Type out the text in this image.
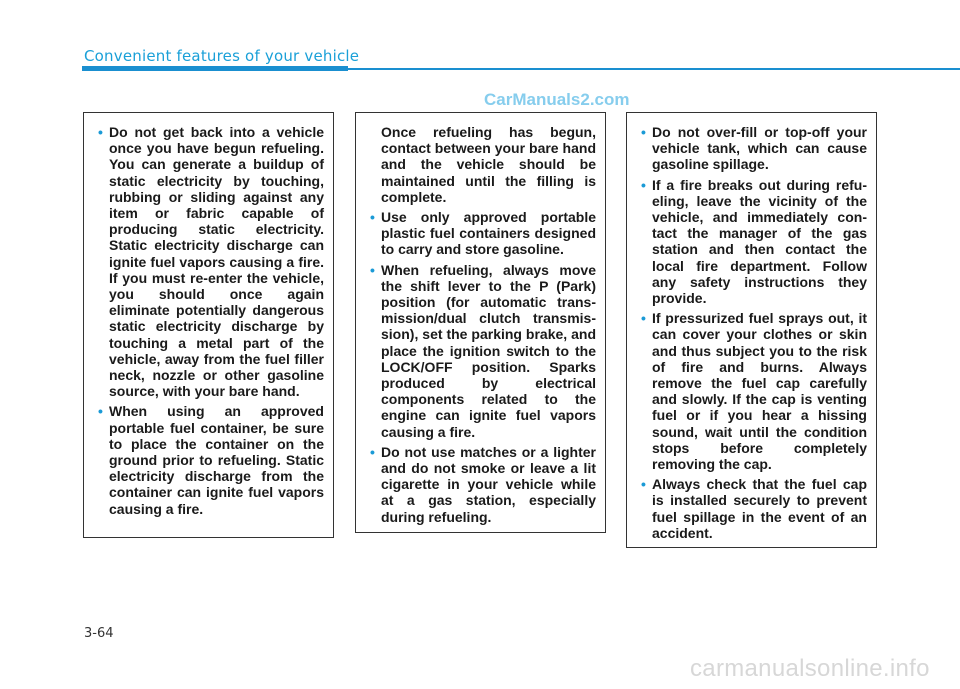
Convenient features of your vehicle
CarManuals2.com
• Do not get back into a vehicle once you have begun refueling. You can generate a buildup of static electricity by touching, rubbing or sliding against any item or fabric capable of producing static electricity. Static electricity discharge can ignite fuel vapors causing a fire. If you must re-enter the vehicle, you should once again eliminate potentially dangerous static electricity discharge by touching a metal part of the vehicle, away from the fuel filler neck, nozzle or other gasoline source, with your bare hand.
• When using an approved portable fuel container, be sure to place the container on the ground prior to refueling. Static electricity discharge from the container can ignite fuel vapors causing a fire.
Once refueling has begun, contact between your bare hand and the vehicle should be maintained until the filling is complete.
• Use only approved portable plastic fuel containers designed to carry and store gasoline.
• When refueling, always move the shift lever to the P (Park) position (for automatic transmission/dual clutch transmission), set the parking brake, and place the ignition switch to the LOCK/OFF position. Sparks produced by electrical components related to the engine can ignite fuel vapors causing a fire.
• Do not use matches or a lighter and do not smoke or leave a lit cigarette in your vehicle while at a gas station, especially during refueling.
• Do not over-fill or top-off your vehicle tank, which can cause gasoline spillage.
• If a fire breaks out during refueling, leave the vicinity of the vehicle, and immediately contact the manager of the gas station and then contact the local fire department. Follow any safety instructions they provide.
• If pressurized fuel sprays out, it can cover your clothes or skin and thus subject you to the risk of fire and burns. Always remove the fuel cap carefully and slowly. If the cap is venting fuel or if you hear a hissing sound, wait until the condition stops before completely removing the cap.
• Always check that the fuel cap is installed securely to prevent fuel spillage in the event of an accident.
3-64
carmanualsonline.info
